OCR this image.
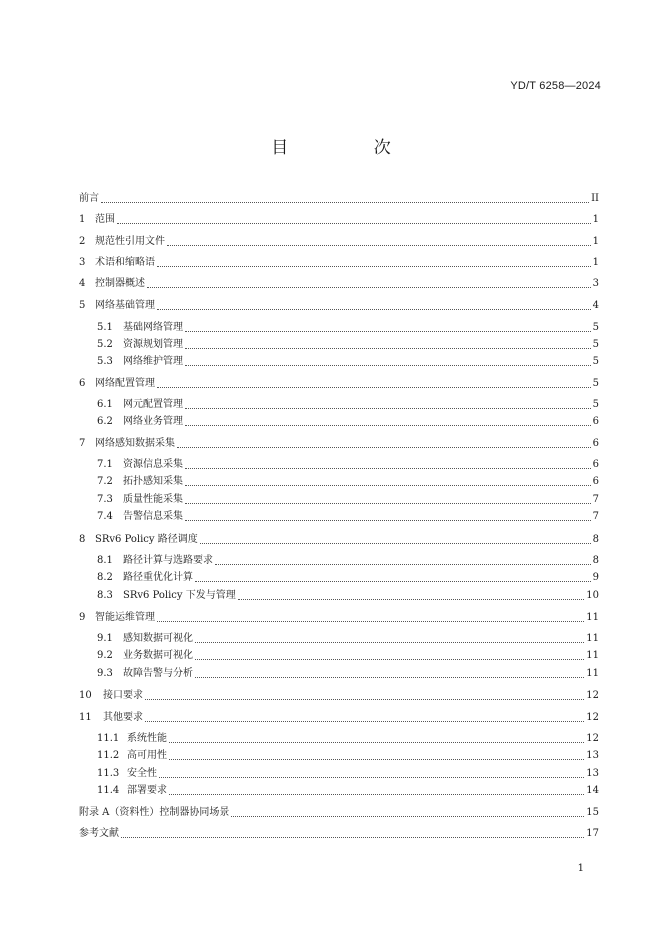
YD/T 6258—2024
目 次
前言	II
1 范围	1
2 规范性引用文件	1
3 术语和缩略语	1
4 控制器概述	3
5 网络基础管理	4
5.1	基础网络管理	5
5.2	资源规划管理	5
5.3	网络维护管理	5
6 网络配置管理	5
6.1	网元配置管理	5
6.2	网络业务管理	6
7 网络感知数据采集	6
7.1	资源信息采集	6
7.2	拓扑感知采集	6
7.3	质量性能采集	7
7.4	告警信息采集	7
8 SRv6 Policy 路径调度	8
8.1	路径计算与选路要求	8
8.2	路径重优化计算	9
8.3	SRv6 Policy 下发与管理	10
9 智能运维管理	11
9.1	感知数据可视化	11
9.2	业务数据可视化	11
9.3	故障告警与分析	11
10	接口要求	12
11	其他要求	12
11.1 系统性能	12
11.2 高可用性	13
11.3 安全性	13
11.4 部署要求	14
附录 A（资料性）控制器协同场景	15
参考文献	17
1
